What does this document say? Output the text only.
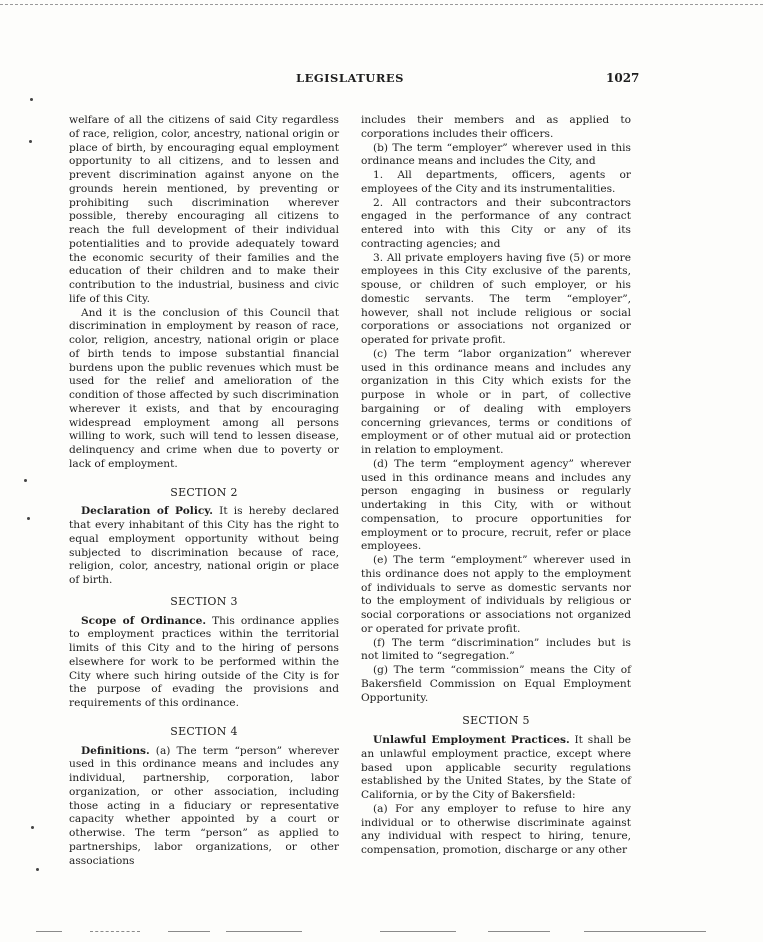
LEGISLATURES	1027

welfare of all the citizens of said City regardless of race, religion, color, ancestry, national origin or place of birth, by encouraging equal employment opportunity to all citizens, and to lessen and prevent discrimination against anyone on the grounds herein mentioned, by preventing or prohibiting such discrimination wherever possible, thereby encouraging all citizens to reach the full development of their individual potentialities and to provide adequately toward the economic security of their families and the education of their children and to make their contribution to the industrial, business and civic life of this City.

And it is the conclusion of this Council that discrimination in employment by reason of race, color, religion, ancestry, national origin or place of birth tends to impose substantial financial burdens upon the public revenues which must be used for the relief and amelioration of the condition of those affected by such discrimination wherever it exists, and that by encouraging widespread employment among all persons willing to work, such will tend to lessen disease, delinquency and crime when due to poverty or lack of employment.

SECTION 2

Declaration of Policy. It is hereby declared that every inhabitant of this City has the right to equal employment opportunity without being subjected to discrimination because of race, religion, color, ancestry, national origin or place of birth.

SECTION 3

Scope of Ordinance. This ordinance applies to employment practices within the territorial limits of this City and to the hiring of persons elsewhere for work to be performed within the City where such hiring outside of the City is for the purpose of evading the provisions and requirements of this ordinance.

SECTION 4

Definitions. (a) The term “person” wherever used in this ordinance means and includes any individual, partnership, corporation, labor organization, or other association, including those acting in a fiduciary or representative capacity whether appointed by a court or otherwise. The term “person” as applied to partnerships, labor organizations, or other associations

includes their members and as applied to corporations includes their officers.

(b) The term “employer” wherever used in this ordinance means and includes the City, and

1. All departments, officers, agents or employees of the City and its instrumentalities.

2. All contractors and their subcontractors engaged in the performance of any contract entered into with this City or any of its contracting agencies; and

3. All private employers having five (5) or more employees in this City exclusive of the parents, spouse, or children of such employer, or his domestic servants. The term “employer”, however, shall not include religious or social corporations or associations not organized or operated for private profit.

(c) The term “labor organization” wherever used in this ordinance means and includes any organization in this City which exists for the purpose in whole or in part, of collective bargaining or of dealing with employers concerning grievances, terms or conditions of employment or of other mutual aid or protection in relation to employment.

(d) The term “employment agency” wherever used in this ordinance means and includes any person engaging in business or regularly undertaking in this City, with or without compensation, to procure opportunities for employment or to procure, recruit, refer or place employees.

(e) The term “employment” wherever used in this ordinance does not apply to the employment of individuals to serve as domestic servants nor to the employment of individuals by religious or social corporations or associations not organized or operated for private profit.

(f) The term “discrimination” includes but is not limited to “segregation.”

(g) The term “commission” means the City of Bakersfield Commission on Equal Employment Opportunity.

SECTION 5

Unlawful Employment Practices. It shall be an unlawful employment practice, except where based upon applicable security regulations established by the United States, by the State of California, or by the City of Bakersfield:

(a) For any employer to refuse to hire any individual or to otherwise discriminate against any individual with respect to hiring, tenure, compensation, promotion, discharge or any other
